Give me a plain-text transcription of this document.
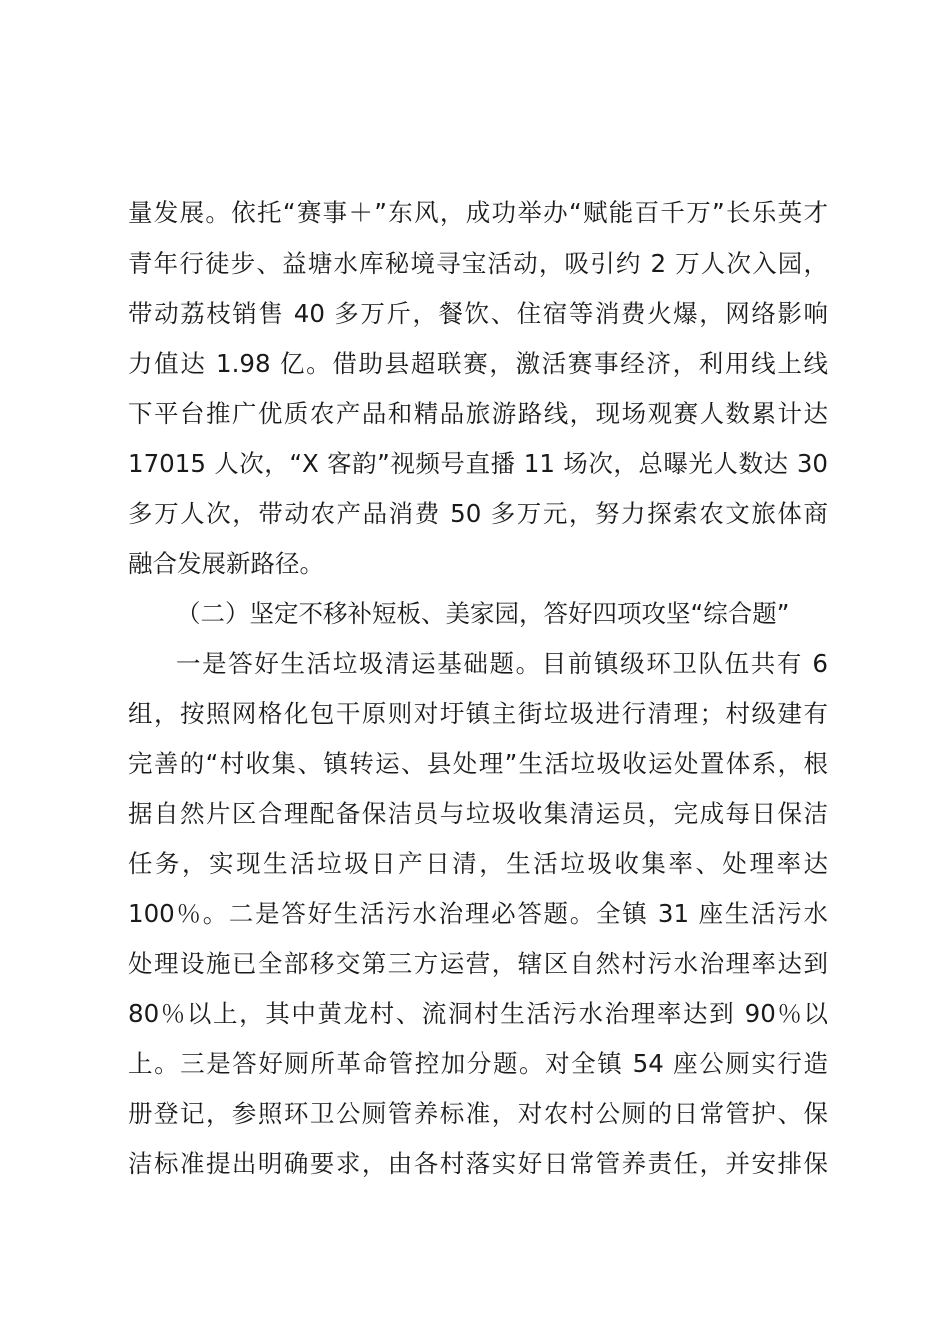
量发展。依托“赛事＋”东风，成功举办“赋能百千万”长乐英才
青年行徒步、益塘水库秘境寻宝活动，吸引约 2 万人次入园，
带动荔枝销售 40 多万斤，餐饮、住宿等消费火爆，网络影响
力值达 1.98 亿。借助县超联赛，激活赛事经济，利用线上线
下平台推广优质农产品和精品旅游路线，现场观赛人数累计达
17015 人次，“X 客韵”视频号直播 11 场次，总曝光人数达 30
多万人次，带动农产品消费 50 多万元，努力探索农文旅体商
融合发展新路径。
（二）坚定不移补短板、美家园，答好四项攻坚“综合题”
一是答好生活垃圾清运基础题。目前镇级环卫队伍共有 6
组，按照网格化包干原则对圩镇主街垃圾进行清理；村级建有
完善的“村收集、镇转运、县处理”生活垃圾收运处置体系，根
据自然片区合理配备保洁员与垃圾收集清运员，完成每日保洁
任务，实现生活垃圾日产日清，生活垃圾收集率、处理率达
100％。二是答好生活污水治理必答题。全镇 31 座生活污水
处理设施已全部移交第三方运营，辖区自然村污水治理率达到
80％以上，其中黄龙村、流洞村生活污水治理率达到 90％以
上。三是答好厕所革命管控加分题。对全镇 54 座公厕实行造
册登记，参照环卫公厕管养标准，对农村公厕的日常管护、保
洁标准提出明确要求，由各村落实好日常管养责任，并安排保
